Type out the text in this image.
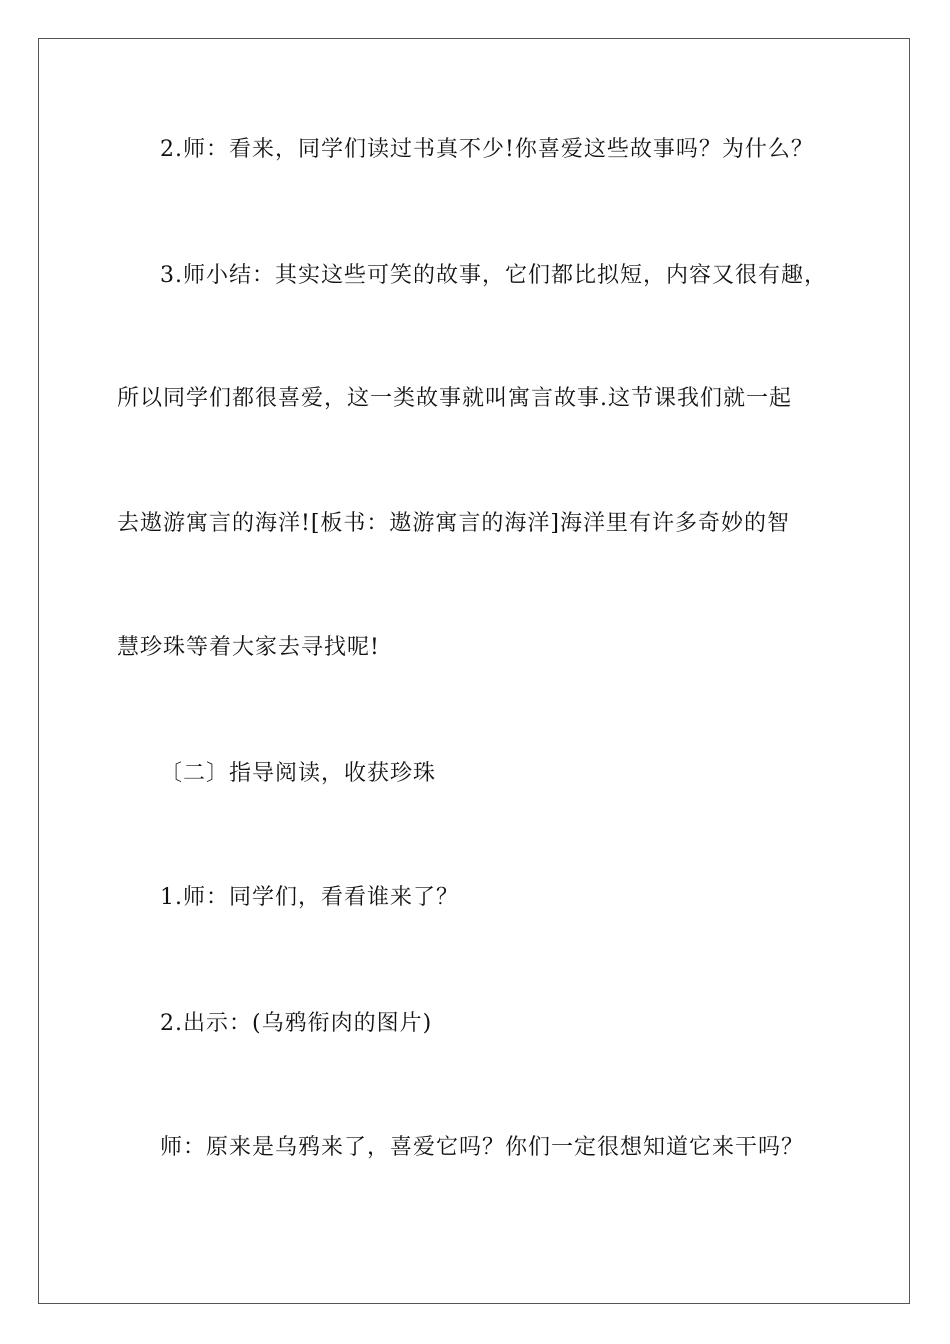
2.师：看来，同学们读过书真不少!你喜爱这些故事吗？为什么？
3.师小结：其实这些可笑的故事，它们都比拟短，内容又很有趣，
所以同学们都很喜爱，这一类故事就叫寓言故事.这节课我们就一起
去遨游寓言的海洋![板书：遨游寓言的海洋]海洋里有许多奇妙的智
慧珍珠等着大家去寻找呢!
〔二〕指导阅读，收获珍珠
1.师：同学们，看看谁来了？
2.出示：(乌鸦衔肉的图片)
师：原来是乌鸦来了，喜爱它吗？你们一定很想知道它来干吗？
